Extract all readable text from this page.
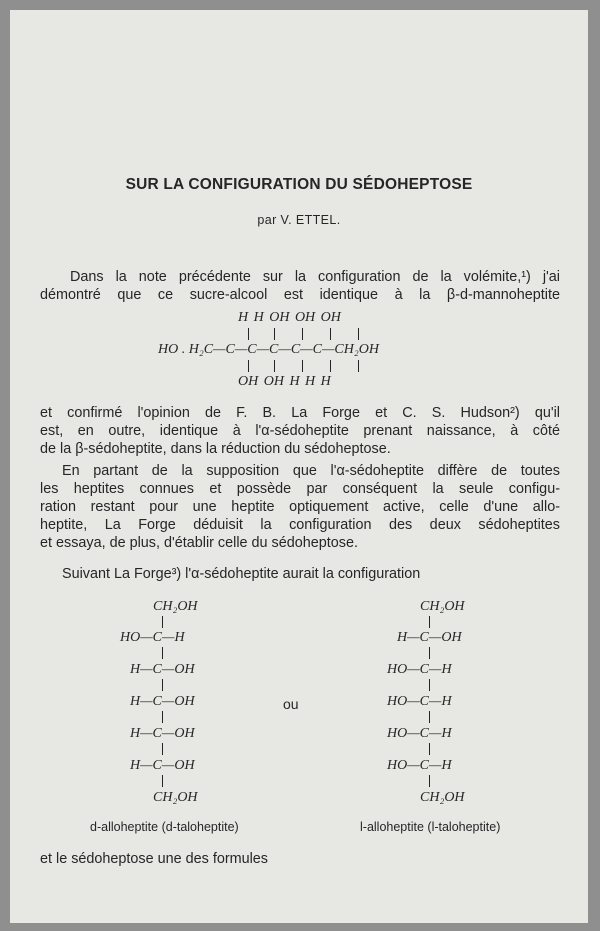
SUR LA CONFIGURATION DU SÉDOHEPTOSE
par V. ETTEL.
Dans la note précédente sur la configuration de la volémite,¹) j'ai
démontré que ce sucre-alcool est identique à la β-d-mannoheptite
H H OH OH OH
HO . H₂C—C—C—C—C—C—CH₂OH
OH OH H H H
et confirmé l'opinion de F. B. La Forge et C. S. Hudson²) qu'il
est, en outre, identique à l'α-sédoheptite prenant naissance, à côté
de la β-sédoheptite, dans la réduction du sédoheptose.
En partant de la supposition que l'α-sédoheptite diffère de toutes
les heptites connues et possède par conséquent la seule configu-
ration restant pour une heptite optiquement active, celle d'une allo-
heptite, La Forge déduisit la configuration des deux sédoheptites
et essaya, de plus, d'établir celle du sédoheptose.
Suivant La Forge³) l'α-sédoheptite aurait la configuration
CH₂OH
HO—C—H
H—C—OH
H—C—OH
H—C—OH
H—C—OH
CH₂OH
d-alloheptite (d-taloheptite)
ou
CH₂OH
H—C—OH
HO—C—H
HO—C—H
HO—C—H
HO—C—H
CH₂OH
l-alloheptite (l-taloheptite)
et le sédoheptose une des formules
